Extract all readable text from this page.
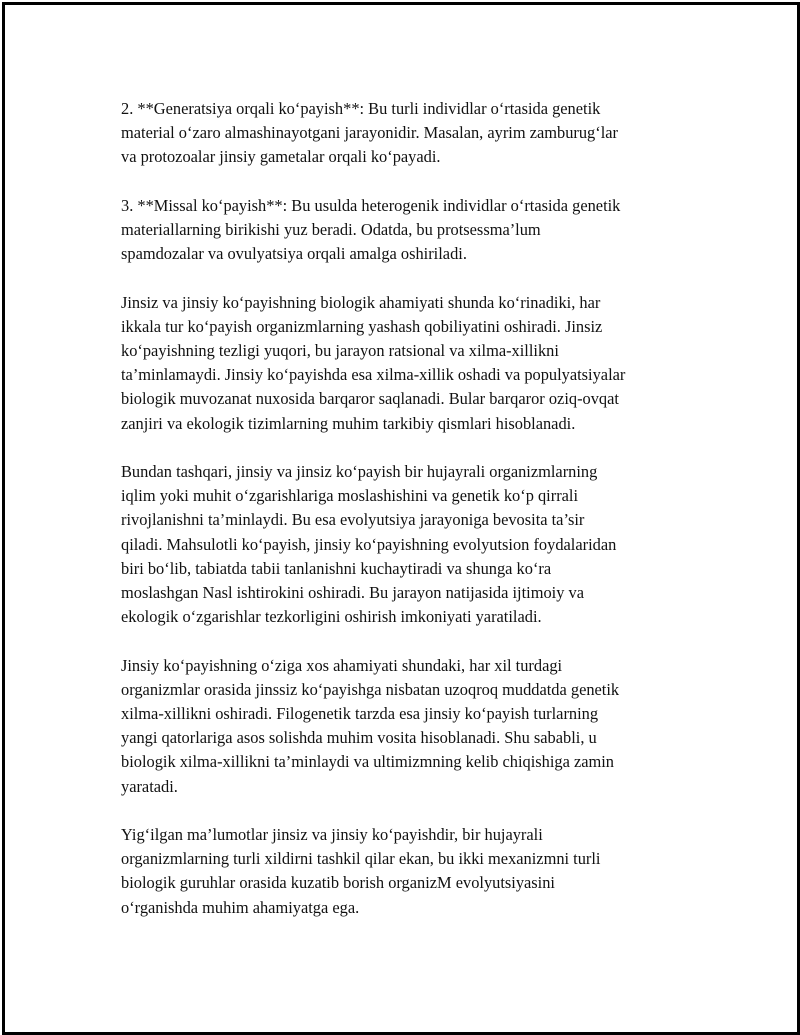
2. **Generatsiya orqali ko‘payish**: Bu turli individlar o‘rtasida genetik
material o‘zaro almashinayotgani jarayonidir. Masalan, ayrim zamburug‘lar
va protozoalar jinsiy gametalar orqali ko‘payadi.

3. **Missal ko‘payish**: Bu usulda heterogenik individlar o‘rtasida genetik
materiallarning birikishi yuz beradi. Odatda, bu protsessma’lum
spamdozalar va ovulyatsiya orqali amalga oshiriladi.

Jinsiz va jinsiy ko‘payishning biologik ahamiyati shunda ko‘rinadiki, har
ikkala tur ko‘payish organizmlarning yashash qobiliyatini oshiradi. Jinsiz
ko‘payishning tezligi yuqori, bu jarayon ratsional va xilma-xillikni
ta’minlamaydi. Jinsiy ko‘payishda esa xilma-xillik oshadi va populyatsiyalar
biologik muvozanat nuxosida barqaror saqlanadi. Bular barqaror oziq-ovqat
zanjiri va ekologik tizimlarning muhim tarkibiy qismlari hisoblanadi.

Bundan tashqari, jinsiy va jinsiz ko‘payish bir hujayrali organizmlarning
iqlim yoki muhit o‘zgarishlariga moslashishini va genetik ko‘p qirrali
rivojlanishni ta’minlaydi. Bu esa evolyutsiya jarayoniga bevosita ta’sir
qiladi. Mahsulotli ko‘payish, jinsiy ko‘payishning evolyutsion foydalaridan
biri bo‘lib, tabiatda tabii tanlanishni kuchaytiradi va shunga ko‘ra
moslashgan Nasl ishtirokini oshiradi. Bu jarayon natijasida ijtimoiy va
ekologik o‘zgarishlar tezkorligini oshirish imkoniyati yaratiladi.

Jinsiy ko‘payishning o‘ziga xos ahamiyati shundaki, har xil turdagi
organizmlar orasida jinssiz ko‘payishga nisbatan uzoqroq muddatda genetik
xilma-xillikni oshiradi. Filogenetik tarzda esa jinsiy ko‘payish turlarning
yangi qatorlariga asos solishda muhim vosita hisoblanadi. Shu sababli, u
biologik xilma-xillikni ta’minlaydi va ultimizmning kelib chiqishiga zamin
yaratadi.

Yig‘ilgan ma’lumotlar jinsiz va jinsiy ko‘payishdir, bir hujayrali
organizmlarning turli xildirni tashkil qilar ekan, bu ikki mexanizmni turli
biologik guruhlar orasida kuzatib borish organizM evolyutsiyasini
o‘rganishda muhim ahamiyatga ega.
